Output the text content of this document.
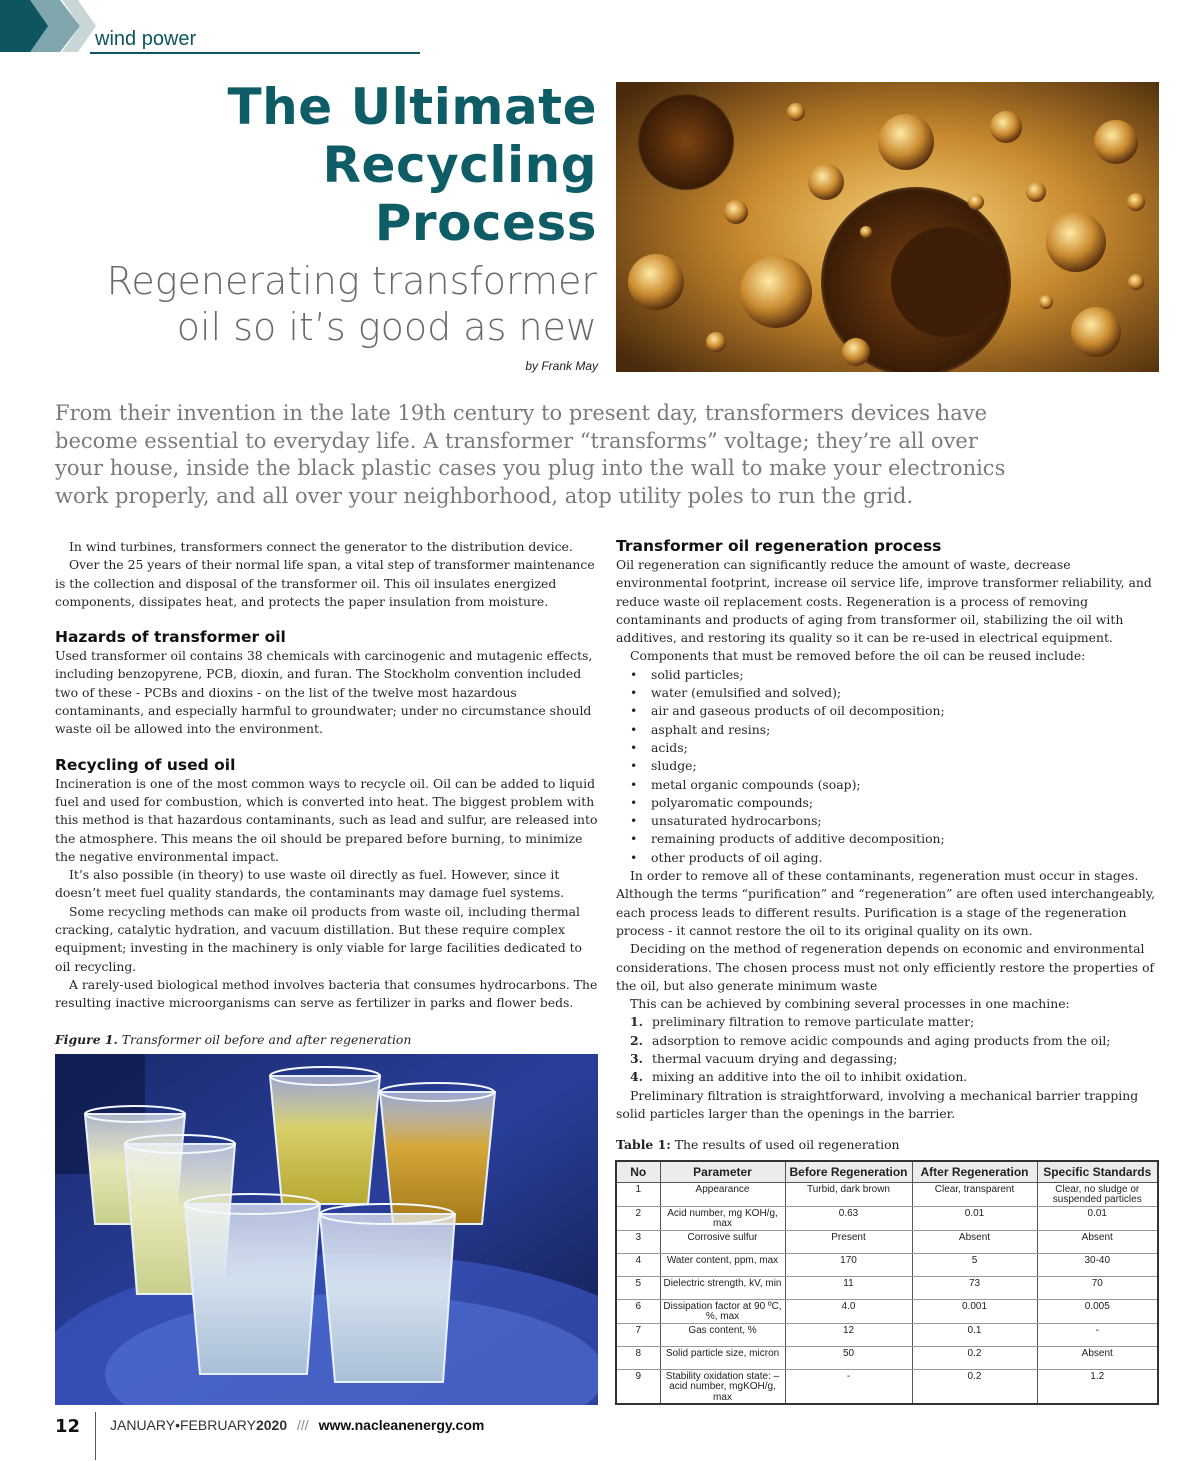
wind power
The Ultimate
Recycling
Process
Regenerating transformer
oil so it’s good as new
by Frank May
From their invention in the late 19th century to present day, transformers devices have become essential to everyday life. A transformer “transforms” voltage; they’re all over your house, inside the black plastic cases you plug into the wall to make your electronics work properly, and all over your neighborhood, atop utility poles to run the grid.

In wind turbines, transformers connect the generator to the distribution device.

Over the 25 years of their normal life span, a vital step of transformer maintenance is the collection and disposal of the transformer oil. This oil insulates energized components, dissipates heat, and protects the paper insulation from moisture.

Hazards of transformer oil

Used transformer oil contains 38 chemicals with carcinogenic and mutagenic effects, including benzopyrene, PCB, dioxin, and furan. The Stockholm convention included two of these - PCBs and dioxins - on the list of the twelve most hazardous contaminants, and especially harmful to groundwater; under no circumstance should waste oil be allowed into the environment.

Recycling of used oil

Incineration is one of the most common ways to recycle oil. Oil can be added to liquid fuel and used for combustion, which is converted into heat. The biggest problem with this method is that hazardous contaminants, such as lead and sulfur, are released into the atmosphere. This means the oil should be prepared before burning, to minimize the negative environmental impact.

It’s also possible (in theory) to use waste oil directly as fuel. However, since it doesn’t meet fuel quality standards, the contaminants may damage fuel systems.

Some recycling methods can make oil products from waste oil, including thermal cracking, catalytic hydration, and vacuum distillation. But these require complex equipment; investing in the machinery is only viable for large facilities dedicated to oil recycling.

A rarely-used biological method involves bacteria that consumes hydrocarbons. The resulting inactive microorganisms can serve as fertilizer in parks and flower beds.

Figure 1. Transformer oil before and after regeneration
Transformer oil regeneration process

Oil regeneration can significantly reduce the amount of waste, decrease environmental footprint, increase oil service life, improve transformer reliability, and reduce waste oil replacement costs. Regeneration is a process of removing contaminants and products of aging from transformer oil, stabilizing the oil with additives, and restoring its quality so it can be re-used in electrical equipment.

Components that must be removed before the oil can be reused include:

• solid particles;
• water (emulsified and solved);
• air and gaseous products of oil decomposition;
• asphalt and resins;
• acids;
• sludge;
• metal organic compounds (soap);
• polyaromatic compounds;
• unsaturated hydrocarbons;
• remaining products of additive decomposition;
• other products of oil aging.

In order to remove all of these contaminants, regeneration must occur in stages. Although the terms “purification” and “regeneration” are often used interchangeably, each process leads to different results. Purification is a stage of the regeneration process - it cannot restore the oil to its original quality on its own.

Deciding on the method of regeneration depends on economic and environmental considerations. The chosen process must not only efficiently restore the properties of the oil, but also generate minimum waste

This can be achieved by combining several processes in one machine:

1. preliminary filtration to remove particulate matter;
2. adsorption to remove acidic compounds and aging products from the oil;
3. thermal vacuum drying and degassing;
4. mixing an additive into the oil to inhibit oxidation.

Preliminary filtration is straightforward, involving a mechanical barrier trapping solid particles larger than the openings in the barrier.

Table 1: The results of used oil regeneration
No	Parameter	Before Regeneration	After Regeneration	Specific Standards
1	Appearance	Turbid, dark brown	Clear, transparent	Clear, no sludge or suspended particles
2	Acid number, mg KOH/g, max	0.63	0.01	0.01
3	Corrosive sulfur	Present	Absent	Absent
4	Water content, ppm, max	170	5	30-40
5	Dielectric strength, kV, min	11	73	70
6	Dissipation factor at 90 ºC, %, max	4.0	0.001	0.005
7	Gas content, %	12	0.1	-
8	Solid particle size, micron	50	0.2	Absent
9	Stability oxidation state: – acid number, mgKOH/g, max	-	0.2	1.2
12 JANUARY•FEBRUARY2020 /// www.nacleanenergy.com
